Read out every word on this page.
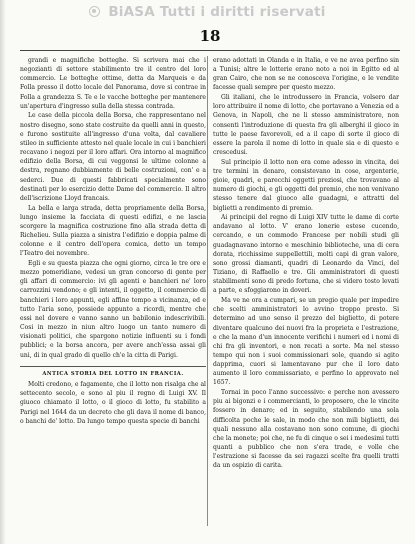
BiASA Tutti i diritti riservati
18

grandi e magnifiche botteghe. Si scrivera mai che i negozianti di settore stabilimento tre il centro del loro commercio. Le botteghe ottime, detta da Marqueis e da Folla presso il dotto locale del Panorama, dove si contrae in Folla a grandezza S. Te e le vacche botteghe per mantenere un'apertura d'ingresso sulla della stessa contrada.

Le case della piccola della Borsa, che rappresentano nel nostro disegno, sono state costruite da quelli anni in questo, e furono sostituite all'ingresso d'una volta, dal cavaliere stileo in sufficiente attesto nel quale locale in cui i banchieri recavano i negozi per il loro affari. Ora intorno al magnifico edifizio della Borsa, di cui veggonsi le ultime colonne a destra, regnano dubbiamente di belle costruzioni, con' e a sederci. Due di questi fabbricati specialmente sono destinati per lo esercizio dette Dame del commercio. Il altro dell'iscrizione Lloyd francais.

La bella e larga strada, detta propriamente della Borsa, lungo insieme la facciata di questi edifizi, e ne lascia scorgere la magnifica costruzione fino alla strada detta di Richelieu. Sulla piazza a sinistra l'edifizio e doppia palme di colonne e il centro dell'opera comica, detto un tempo l'Teatro dei novembre.

Egli e su questa piazza che ogni giorno, circa le tre ore e mezzo pomeridiane, vedesi un gran concorso di gente per gli affari di commercio: ivi gli agenti e banchieri ne' loro carrozzini vendono; e gli intenti, il oggetto, il commercio di banchieri i loro appunti, egli affine tempo a vicinanza, ed e tutto l'aria sono, possiede appunto a ricordi, mentre che essi nel dovere e vanno sanno un babilonio indescrivibili. Cosi in mezzo in niun altro luogo un tanto numero di visionati politici, che spargono notizie influenti su i fondi pubblici; e la borsa ancora, per avere anch'essa assai gli uni, di in qual grado di quello ch'e la citta di Parigi.

ANTICA STORIA DEL LOTTO IN FRANCIA.

Molti credono, e fagamente, che il lotto non risalga che al settecento secolo, e sono al piu il regno di Luigi XV. Il giuoco chiamato il lotto, o il gioco di lotto, fu stabilito a Parigi nel 1644 da un decreto che gli dava il nome di banco, o banchi de' lotto. Da lungo tempo questa specie di banchi

erano adottati in Olanda e in Italia, e ve ne avea perfino sin a Tunisi; altre le lotterie erano noto a noi in Egitto ed al gran Cairo, che non se ne conosceva l'origine, e le vendite facesse quali sempre per questo mezzo.

Gli italiani, che le introdussero in Francia, volsero dar loro attribuire il nome di lotto, che portavano a Venezia ed a Genova, in Napoli, che ne li stesso amministratore, non consenti l'introduzione di questa fra gli alberghi il gioco in tutte le paese favorevoli, ed a il capo di sorte il gioco di essere la parola il nome di lotto in quale sia e di questo e crescedusi.

Sul principio il lotto non era come adesso in vincita, dei tre termini in denaro, consistevano in cose, argenterie, gioie, quadri, e parecchi oggetti preziosi, che trovavano al numero di giochi, e gli oggetti del premio, che non venivano stesso tenere dal giuoco alle guadagni, e attratti del biglietti a rendimento di premio.

Ai principii del regno di Luigi XIV tutte le dame di corte andavano al lotto. V' erano lonerie estese cucendo, cercando, e un commodo Francese per nobili studi gli guadagnavano intorno e meschinio biblioteche, una di cera dorata, ricchissime suppellettili, molti capi di gran valore, sono grossi diamanti, quadri di Leonardo da Vinci, del Tiziano, di Raffaello e tre. Gli amministratori di questi stabilimenti sono di predo fortuna, che si videro tosto levati a parte, e sfoggiarono in doveri.

Ma ve ne ora a cumpari, se un pregio quale per impedire che scelti amministratori lo avvino troppo presto. Si determino ad uno senso il prezzo del biglietto, di potere diventare qualcuno dei nuovi fra la proprieta e l'estrazione, e che la mano d'un innocente verifichi i numeri ed i nomi di chi fra gli inventori, e non recati a sorte. Ma nel stesso tempo qui non i suoi commissionari sole, quando si agito dapprima, cuori si lamentavano pur che il loro dato aumento il loro commissariato, e perfino lo approvato nel 1657.

Tornai in poco l'anno successivo: e perche non avessero piu ai bigonzi e i commercianti, lo proposero, che le vincite fossero in denaro; ed in seguito, stabilendo una sola difficolta poche le sale, in modo che non mili biglietti, dei quali nessuno alla costavano non sono comune, di giochi che la monete; poi che, ne fu di cinque o sei i medesimi tutti quanti a pubblico che non s'era trade, e volle che l'estrazione si facesse da sei ragazzi scelte fra quelli tratti da un ospizio di carita.
